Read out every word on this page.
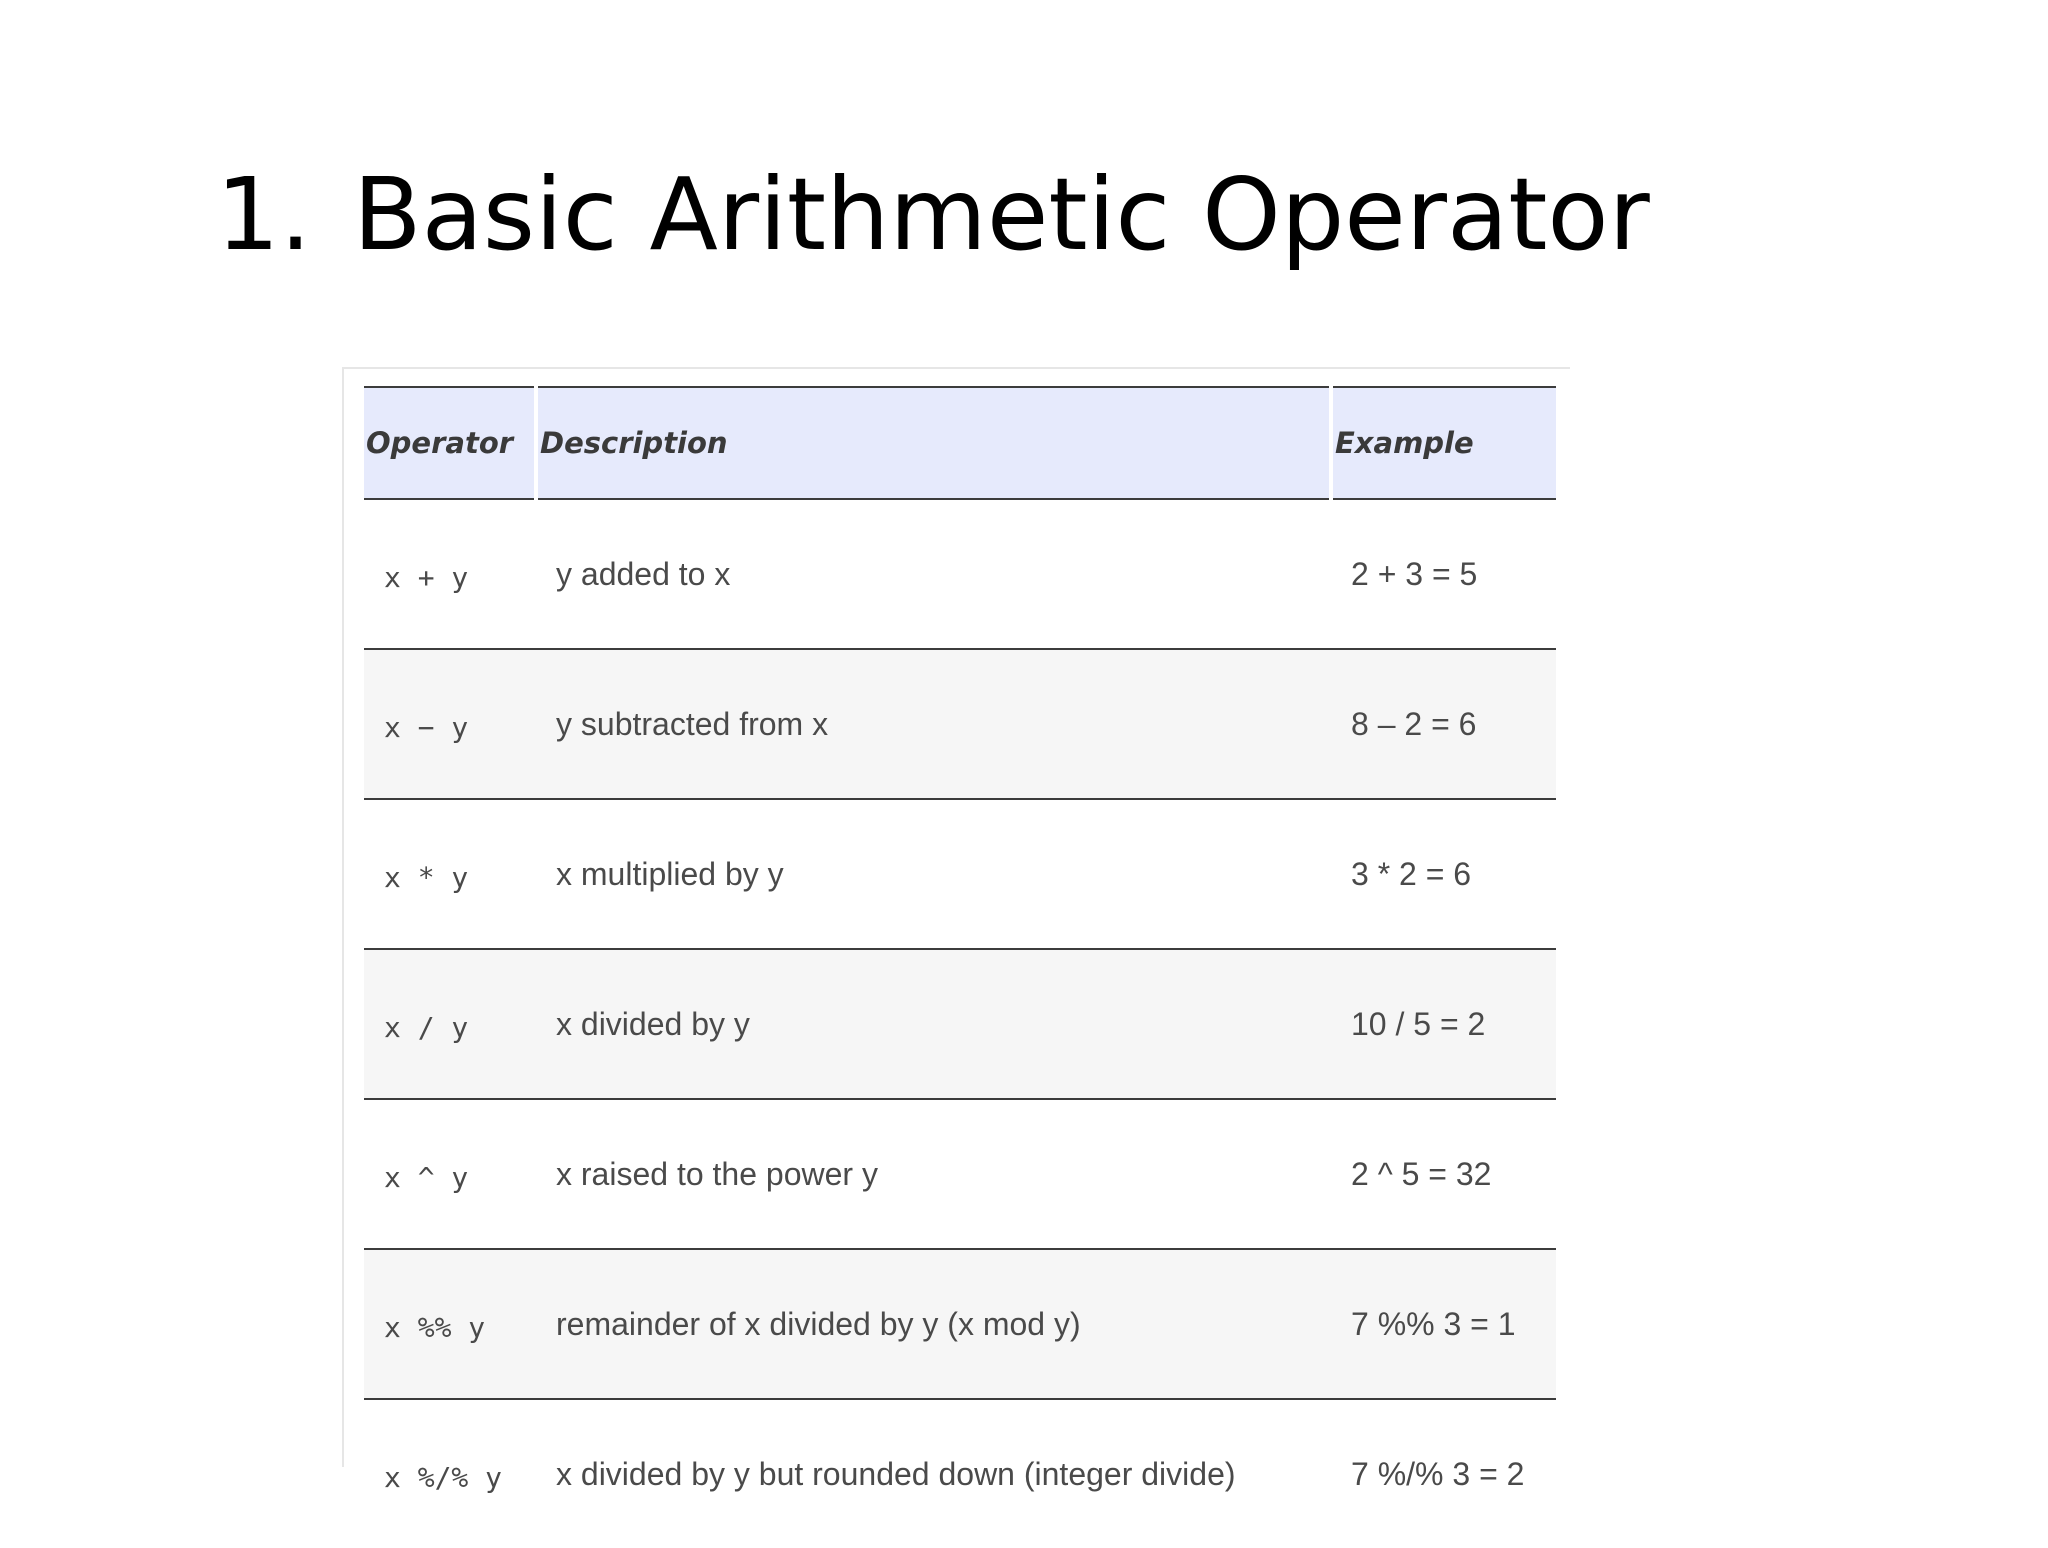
1. Basic Arithmetic Operator
Operator	Description	Example
x + y	y added to x	2 + 3 = 5
x − y	y subtracted from x	8 – 2 = 6
x * y	x multiplied by y	3 * 2 = 6
x / y	x divided by y	10 / 5 = 2
x ^ y	x raised to the power y	2 ^ 5 = 32
x %% y	remainder of x divided by y (x mod y)	7 %% 3 = 1
x %/% y	x divided by y but rounded down (integer divide)	7 %/% 3 = 2
